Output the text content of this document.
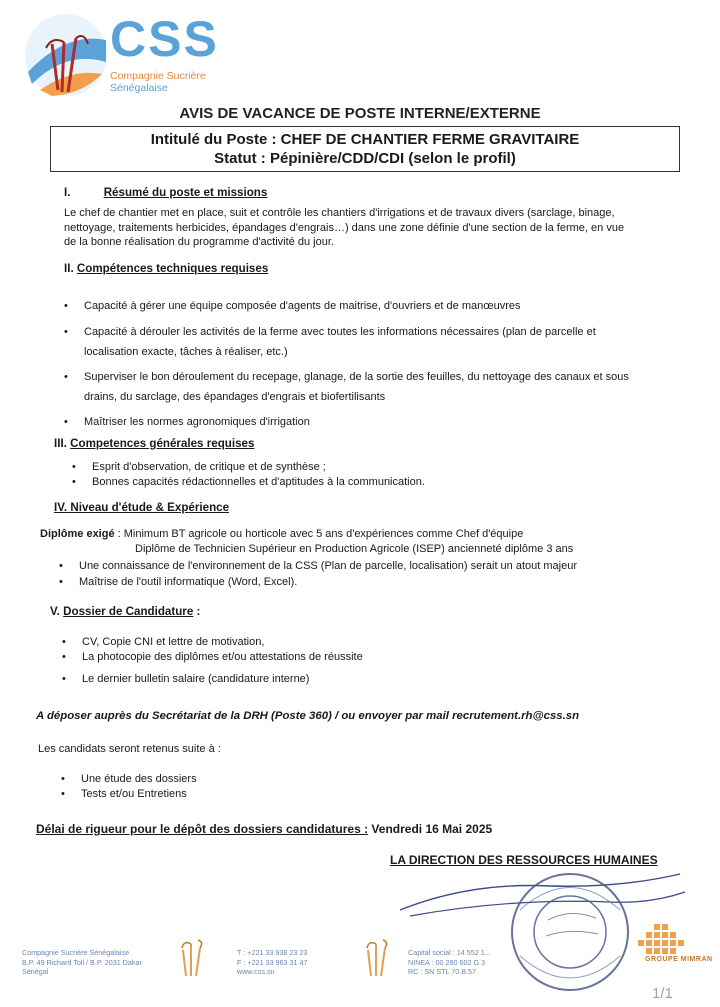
CSS
Compagnie Sucrière
Sénégalaise
AVIS DE VACANCE DE POSTE INTERNE/EXTERNE
Intitulé du Poste : CHEF DE CHANTIER FERME GRAVITAIRE
Statut : Pépinière/CDD/CDI (selon le profil)
I.	Résumé du poste et missions
Le chef de chantier met en place, suit et contrôle les chantiers d'irrigations et de travaux divers (sarclage, binage,
nettoyage, traitements herbicides, épandages d'engrais…) dans une zone définie d'une section de la ferme, en vue
de la bonne réalisation du programme d'activité du jour.
II. Compétences techniques requises
• Capacité à gérer une équipe composée d'agents de maitrise, d'ouvriers et de manœuvres
• Capacité à dérouler les activités de la ferme avec toutes les informations nécessaires (plan de parcelle et
localisation exacte, tâches à réaliser, etc.)
• Superviser le bon déroulement du recepage, glanage, de la sortie des feuilles, du nettoyage des canaux et sous
drains, du sarclage, des épandages d'engrais et biofertilisants
• Maîtriser les normes agronomiques d'irrigation
III. Competences générales requises
• Esprit d'observation, de critique et de synthèse ;
• Bonnes capacités rédactionnelles et d'aptitudes à la communication.
IV. Niveau d'étude & Expérience
Diplôme exigé : Minimum BT agricole ou horticole avec 5 ans d'expériences comme Chef d'équipe
Diplôme de Technicien Supérieur en Production Agricole (ISEP) ancienneté diplôme 3 ans
• Une connaissance de l'environnement de la CSS (Plan de parcelle, localisation) serait un atout majeur
• Maîtrise de l'outil informatique (Word, Excel).
V. Dossier de Candidature :
• CV, Copie CNI et lettre de motivation,
• La photocopie des diplômes et/ou attestations de réussite
• Le dernier bulletin salaire (candidature interne)
A déposer auprès du Secrétariat de la DRH (Poste 360) / ou envoyer par mail recrutement.rh@css.sn
Les candidats seront retenus suite à :
• Une étude des dossiers
• Tests et/ou Entretiens
Délai de rigueur pour le dépôt des dossiers candidatures : Vendredi 16 Mai 2025
LA DIRECTION DES RESSOURCES HUMAINES
Compagnie Sucrière Sénégalaise
B.P. 49 Richard Toll / B.P. 2031 Dakar
Sénégal
T : +221 33 938 23 23
F : +221 33 963 31 47
www.css.sn
Capital social : 14 552 1...
NINEA : 00 280 602 G 3
RC : SN STL 70.B.57
GROUPE MIMRAN
1/1
